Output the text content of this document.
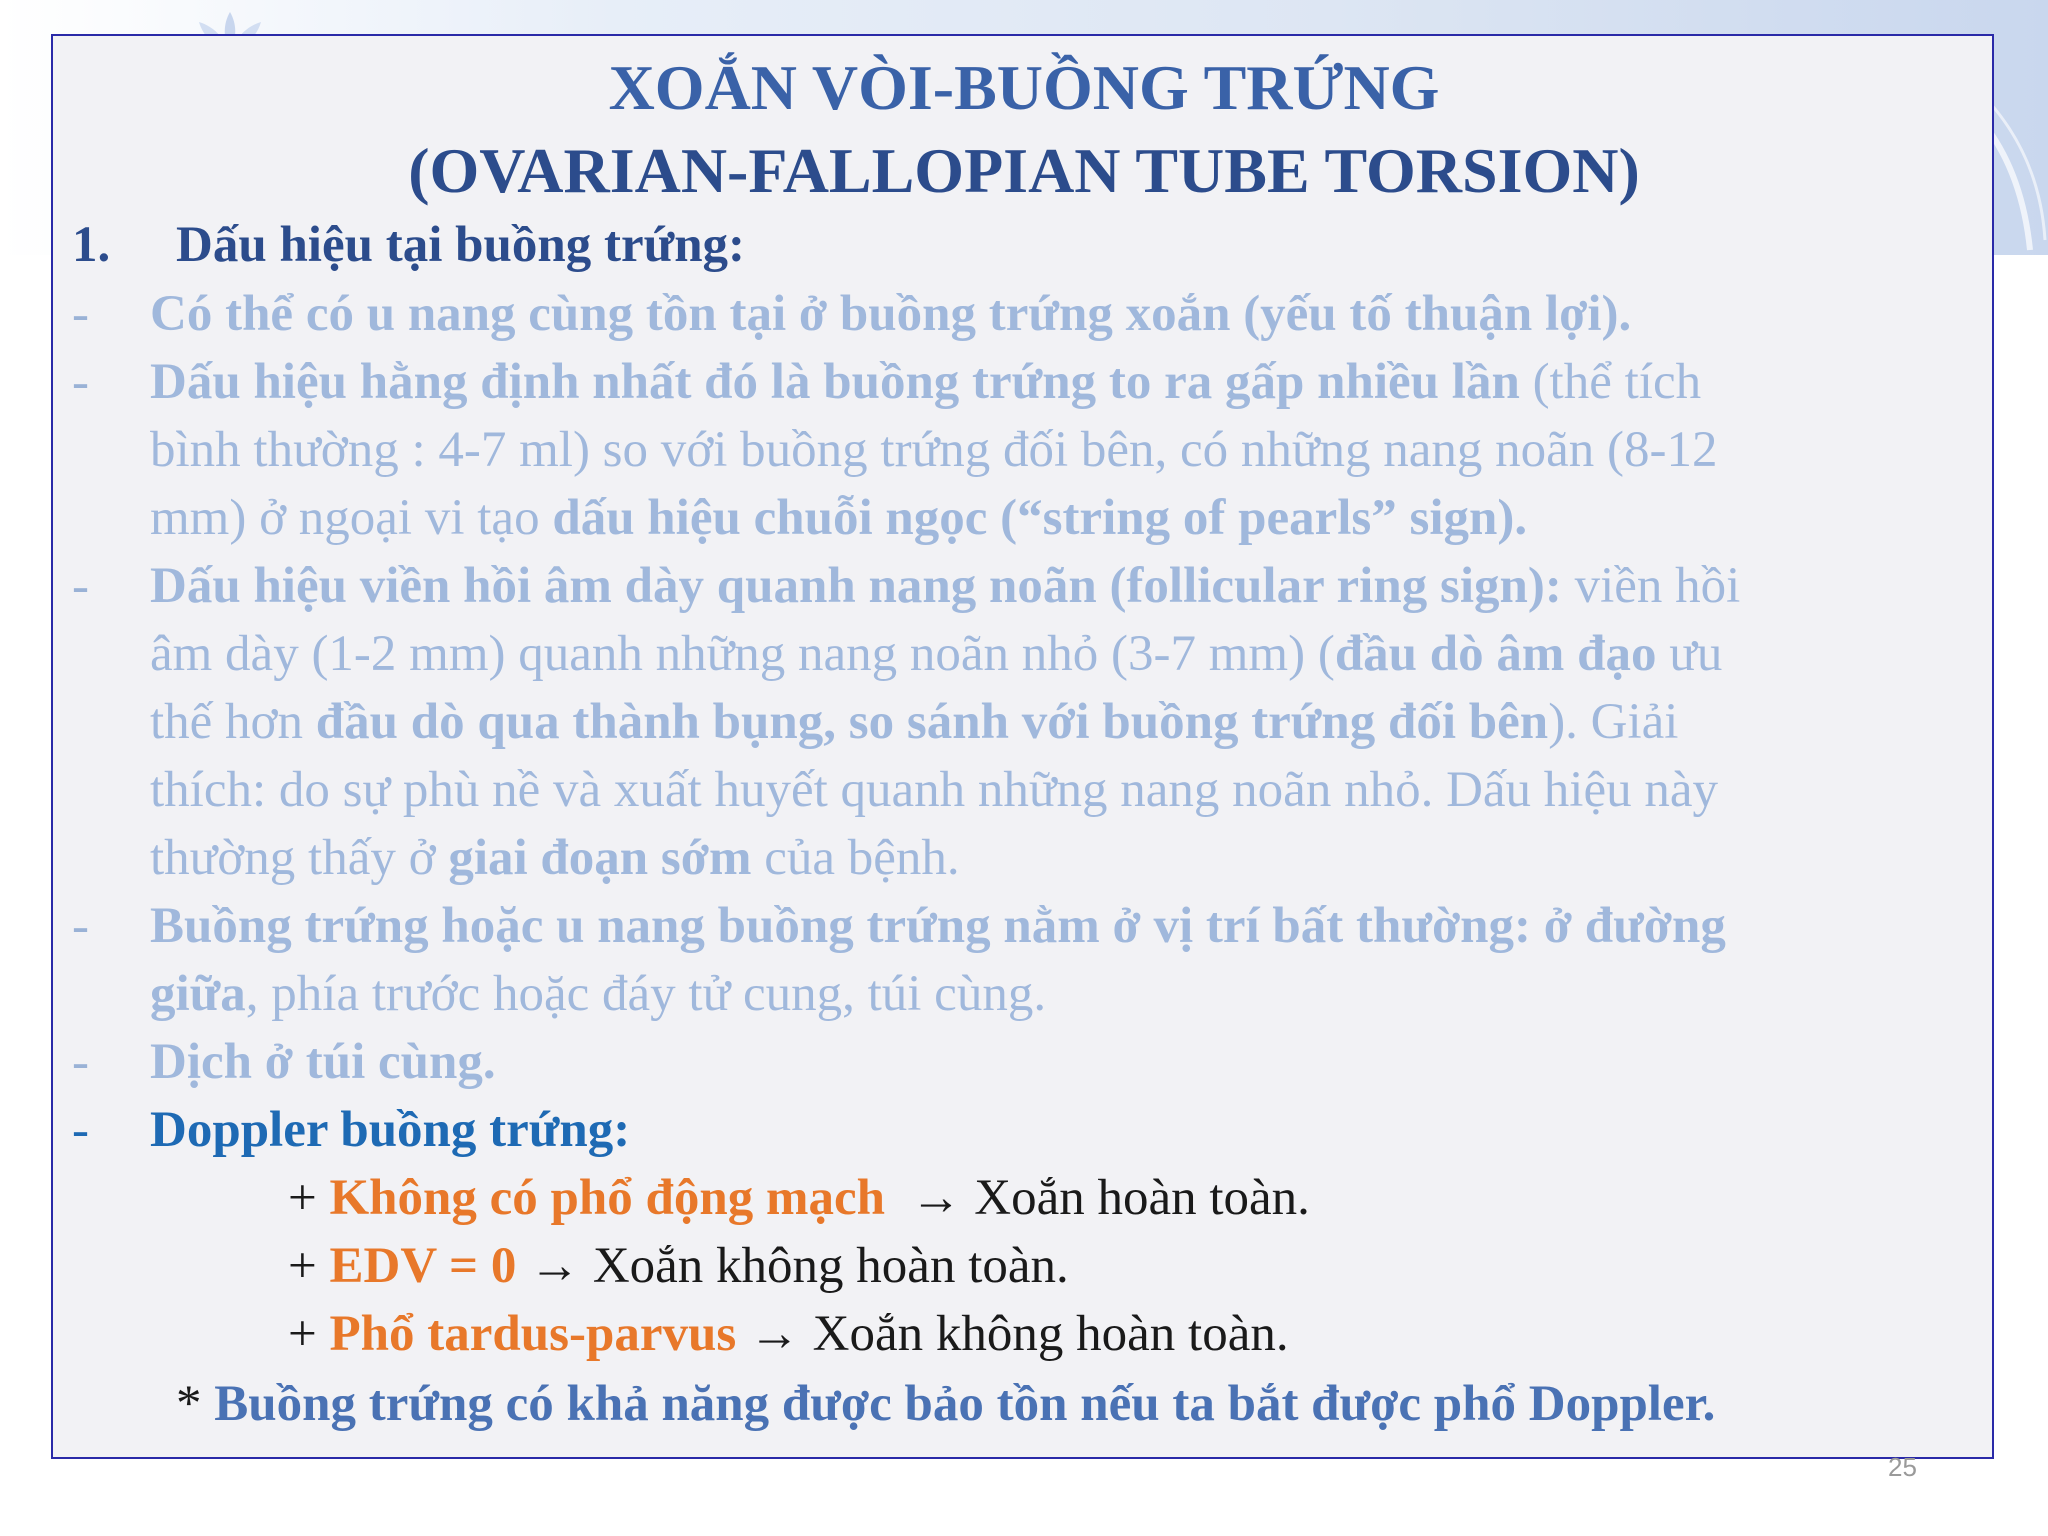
XOẮN VÒI-BUỒNG TRỨNG
(OVARIAN-FALLOPIAN TUBE TORSION)
1. Dấu hiệu tại buồng trứng:
- Có thể có u nang cùng tồn tại ở buồng trứng xoắn (yếu tố thuận lợi).
- Dấu hiệu hằng định nhất đó là buồng trứng to ra gấp nhiều lần (thể tích
bình thường : 4-7 ml) so với buồng trứng đối bên, có những nang noãn (8-12
mm) ở ngoại vi tạo dấu hiệu chuỗi ngọc (“string of pearls” sign).
- Dấu hiệu viền hồi âm dày quanh nang noãn (follicular ring sign): viền hồi
âm dày (1-2 mm) quanh những nang noãn nhỏ (3-7 mm) (đầu dò âm đạo ưu
thế hơn đầu dò qua thành bụng, so sánh với buồng trứng đối bên). Giải
thích: do sự phù nề và xuất huyết quanh những nang noãn nhỏ. Dấu hiệu này
thường thấy ở giai đoạn sớm của bệnh.
- Buồng trứng hoặc u nang buồng trứng nằm ở vị trí bất thường: ở đường
giữa, phía trước hoặc đáy tử cung, túi cùng.
- Dịch ở túi cùng.
- Doppler buồng trứng:
+ Không có phổ động mạch  → Xoắn hoàn toàn.
+ EDV = 0 → Xoắn không hoàn toàn.
+ Phổ tardus-parvus → Xoắn không hoàn toàn.
* Buồng trứng có khả năng được bảo tồn nếu ta bắt được phổ Doppler.
25
